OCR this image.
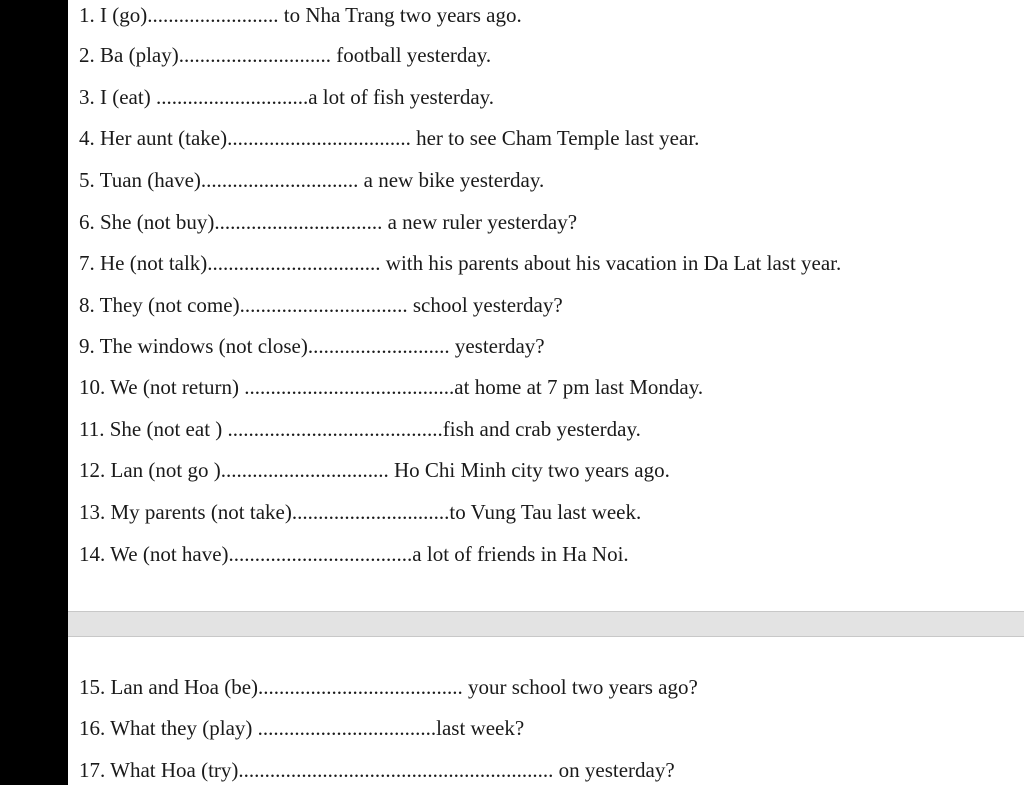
1. I (go)......................... to Nha Trang two years ago.
2. Ba (play)............................. football yesterday.
3. I (eat) .............................a lot of fish yesterday.
4. Her aunt (take)................................... her to see Cham Temple last year.
5. Tuan (have).............................. a new bike yesterday.
6. She (not buy)................................ a new ruler yesterday?
7. He (not talk)................................. with his parents about his vacation in Da Lat last year.
8. They (not come)................................ school yesterday?
9. The windows (not close)........................... yesterday?
10. We (not return) ........................................at home at 7 pm last Monday.
11. She (not eat ) .........................................fish and crab yesterday.
12. Lan (not go )................................ Ho Chi Minh city two years ago.
13. My parents (not take)..............................to Vung Tau last week.
14. We (not have)...................................a lot of friends in Ha Noi.
15. Lan and Hoa (be)....................................... your school two years ago?
16. What they (play) ..................................last week?
17. What Hoa (try)............................................................ on yesterday?
